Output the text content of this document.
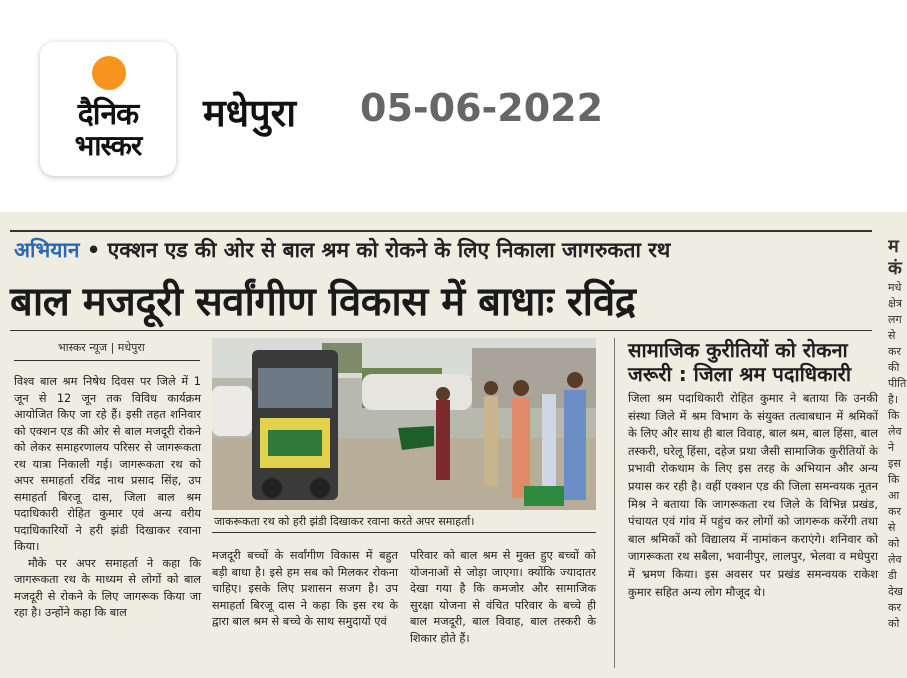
दैनिक
भास्कर
मधेपुरा 05-06-2022
अभियान • एक्शन एड की ओर से बाल श्रम को रोकने के लिए निकाला जागरुकता रथ
बाल मजदूरी सर्वांगीण विकास में बाधाः रविंद्र
भास्कर न्यूज | मधेपुरा

विश्व बाल श्रम निषेध दिवस पर जिले में 1 जून से 12 जून तक विविध कार्यक्रम आयोजित किए जा रहे हैं। इसी तहत शनिवार को एक्शन एड की ओर से बाल मजदूरी रोकने को लेकर समाहरणालय परिसर से जागरूकता रथ यात्रा निकाली गई। जागरूकता रथ को अपर समाहर्ता रविंद्र नाथ प्रसाद सिंह, उप समाहर्ता बिरजू दास, जिला बाल श्रम पदाधिकारी रोहित कुमार एवं अन्य वरीय पदाधिकारियों ने हरी झंडी दिखाकर रवाना किया।

मौके पर अपर समाहर्ता ने कहा कि जागरूकता रथ के माध्यम से लोगों को बाल मजदूरी से रोकने के लिए जागरूक किया जा रहा है। उन्होंने कहा कि बाल

जाकरूकता रथ को हरी झंडी दिखाकर रवाना करते अपर समाहर्ता।

मजदूरी बच्चों के सर्वांगीण विकास में बहुत बड़ी बाधा है। इसे हम सब को मिलकर रोकना चाहिए। इसके लिए प्रशासन सजग है। उप समाहर्ता बिरजू दास ने कहा कि इस रथ के द्वारा बाल श्रम से बच्चे के साथ समुदायों एवं

परिवार को बाल श्रम से मुक्त हुए बच्चों को योजनाओं से जोड़ा जाएगा। क्योंकि ज्यादातर देखा गया है कि कमजोर और सामाजिक सुरक्षा योजना से वंचित परिवार के बच्चे ही बाल मजदूरी, बाल विवाह, बाल तस्करी के शिकार होते हैं।

सामाजिक कुरीतियों को रोकना जरूरी : जिला श्रम पदाधिकारी
जिला श्रम पदाधिकारी रोहित कुमार ने बताया कि उनकी संस्था जिले में श्रम विभाग के संयुक्त तत्वाबधान में श्रमिकों के लिए और साथ ही बाल विवाह, बाल श्रम, बाल हिंसा, बाल तस्करी, घरेलू हिंसा, दहेज प्रथा जैसी सामाजिक कुरीतियों के प्रभावी रोकथाम के लिए इस तरह के अभियान और अन्य प्रयास कर रही है। वहीं एक्शन एड की जिला समन्वयक नूतन मिश्र ने बताया कि जागरूकता रथ जिले के विभिन्न प्रखंड, पंचायत एवं गांव में पहुंच कर लोगों को जागरूक करेंगी तथा बाल श्रमिकों को विद्यालय में नामांकन कराएंगे। शनिवार को जागरूकता रथ सबैला, भवानीपुर, लालपुर, भेलवा व मधेपुरा में भ्रमण किया। इस अवसर पर प्रखंड समन्वयक राकेश कुमार सहित अन्य लोग मौजूद थे।
म
कं
मधे
क्षेत्र
लग
से
कर
की
पीति
है।
कि
लेव
ने
इस
कि
आ
कर
से
को
लेव
डी
देख
कर
को
